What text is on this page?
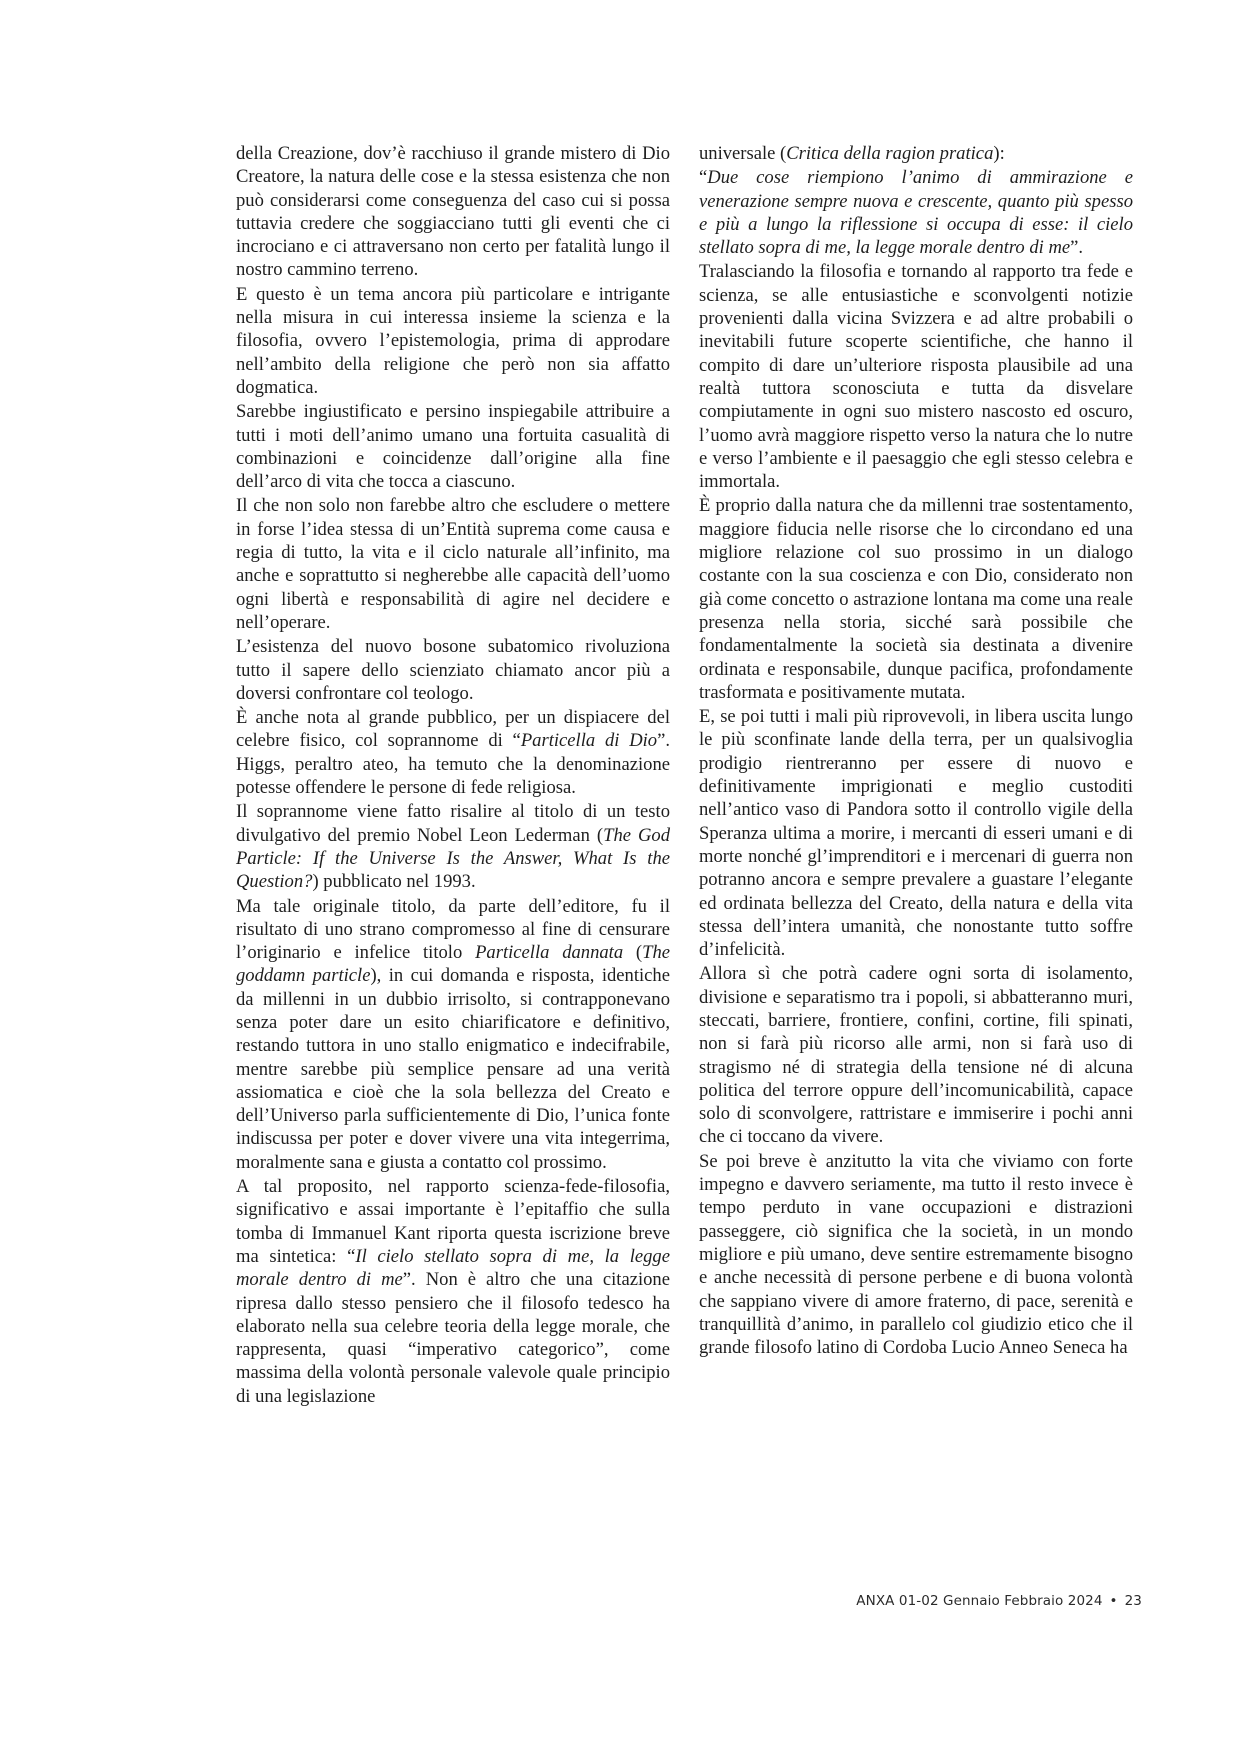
della Creazione, dov’è racchiuso il grande mistero di Dio Creatore, la natura delle cose e la stessa esistenza che non può considerarsi come conseguenza del caso cui si possa tuttavia credere che soggiacciano tutti gli eventi che ci incrociano e ci attraversano non certo per fatalità lungo il nostro cammino terreno.

E questo è un tema ancora più particolare e intrigante nella misura in cui interessa insieme la scienza e la filosofia, ovvero l’epistemologia, prima di approdare nell’ambito della religione che però non sia affatto dogmatica.

Sarebbe ingiustificato e persino inspiegabile attribuire a tutti i moti dell’animo umano una fortuita casualità di combinazioni e coincidenze dall’origine alla fine dell’arco di vita che tocca a ciascuno.

Il che non solo non farebbe altro che escludere o mettere in forse l’idea stessa di un’Entità suprema come causa e regia di tutto, la vita e il ciclo naturale all’infinito, ma anche e soprattutto si negherebbe alle capacità dell’uomo ogni libertà e responsabilità di agire nel decidere e nell’operare.

L’esistenza del nuovo bosone subatomico rivoluziona tutto il sapere dello scienziato chiamato ancor più a doversi confrontare col teologo.

È anche nota al grande pubblico, per un dispiacere del celebre fisico, col soprannome di “Particella di Dio”. Higgs, peraltro ateo, ha temuto che la denominazione potesse offendere le persone di fede religiosa.

Il soprannome viene fatto risalire al titolo di un testo divulgativo del premio Nobel Leon Lederman (The God Particle: If the Universe Is the Answer, What Is the Question?) pubblicato nel 1993.

Ma tale originale titolo, da parte dell’editore, fu il risultato di uno strano compromesso al fine di censurare l’originario e infelice titolo Particella dannata (The goddamn particle), in cui domanda e risposta, identiche da millenni in un dubbio irrisolto, si contrapponevano senza poter dare un esito chiarificatore e definitivo, restando tuttora in uno stallo enigmatico e indecifrabile, mentre sarebbe più semplice pensare ad una verità assiomatica e cioè che la sola bellezza del Creato e dell’Universo parla sufficientemente di Dio, l’unica fonte indiscussa per poter e dover vivere una vita integerrima, moralmente sana e giusta a contatto col prossimo.

A tal proposito, nel rapporto scienza-fede-filosofia, significativo e assai importante è l’epitaffio che sulla tomba di Immanuel Kant riporta questa iscrizione breve ma sintetica: “Il cielo stellato sopra di me, la legge morale dentro di me”. Non è altro che una citazione ripresa dallo stesso pensiero che il filosofo tedesco ha elaborato nella sua celebre teoria della legge morale, che rappresenta, quasi “imperativo categorico”, come massima della volontà personale valevole quale principio di una legislazione

universale (Critica della ragion pratica):

“Due cose riempiono l’animo di ammirazione e venerazione sempre nuova e crescente, quanto più spesso e più a lungo la riflessione si occupa di esse: il cielo stellato sopra di me, la legge morale dentro di me”.

Tralasciando la filosofia e tornando al rapporto tra fede e scienza, se alle entusiastiche e sconvolgenti notizie provenienti dalla vicina Svizzera e ad altre probabili o inevitabili future scoperte scientifiche, che hanno il compito di dare un’ulteriore risposta plausibile ad una realtà tuttora sconosciuta e tutta da disvelare compiutamente in ogni suo mistero nascosto ed oscuro, l’uomo avrà maggiore rispetto verso la natura che lo nutre e verso l’ambiente e il paesaggio che egli stesso celebra e immortala.

È proprio dalla natura che da millenni trae sostentamento, maggiore fiducia nelle risorse che lo circondano ed una migliore relazione col suo prossimo in un dialogo costante con la sua coscienza e con Dio, considerato non già come concetto o astrazione lontana ma come una reale presenza nella storia, sicché sarà possibile che fondamentalmente la società sia destinata a divenire ordinata e responsabile, dunque pacifica, profondamente trasformata e positivamente mutata.

E, se poi tutti i mali più riprovevoli, in libera uscita lungo le più sconfinate lande della terra, per un qualsivoglia prodigio rientreranno per essere di nuovo e definitivamente imprigionati e meglio custoditi nell’antico vaso di Pandora sotto il controllo vigile della Speranza ultima a morire, i mercanti di esseri umani e di morte nonché gl’imprenditori e i mercenari di guerra non potranno ancora e sempre prevalere a guastare l’elegante ed ordinata bellezza del Creato, della natura e della vita stessa dell’intera umanità, che nonostante tutto soffre d’infelicità.

Allora sì che potrà cadere ogni sorta di isolamento, divisione e separatismo tra i popoli, si abbatteranno muri, steccati, barriere, frontiere, confini, cortine, fili spinati, non si farà più ricorso alle armi, non si farà uso di stragismo né di strategia della tensione né di alcuna politica del terrore oppure dell’incomunicabilità, capace solo di sconvolgere, rattristare e immiserire i pochi anni che ci toccano da vivere.

Se poi breve è anzitutto la vita che viviamo con forte impegno e davvero seriamente, ma tutto il resto invece è tempo perduto in vane occupazioni e distrazioni passeggere, ciò significa che la società, in un mondo migliore e più umano, deve sentire estremamente bisogno e anche necessità di persone perbene e di buona volontà che sappiano vivere di amore fraterno, di pace, serenità e tranquillità d’animo, in parallelo col giudizio etico che il grande filosofo latino di Cordoba Lucio Anneo Seneca ha

ANXA 01-02 Gennaio Febbraio 2024 • 23
